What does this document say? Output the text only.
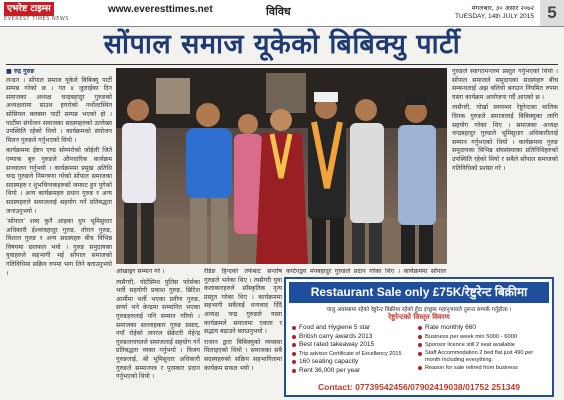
एभरेष्ट टाइम्स
EVEREST TIMES NEWS
www.everesttimes.net	विविध	मंगलबार, ३० असार २०७२
TUESDAY, 14th JULY 2015 5
सोंपाल समाज यूकेको बिबिक्यु पार्टी
■ रुद्र गुरुङ

लन्डन । सोंपाल समाज यूकेले बिबिक्यु पार्टी सम्पन्न गरेको छ । गत ४ जुलाईका दिन समाजका अध्यक्ष चन्द्रबहादुर गुरुङको अध्यक्षतामा साउथ हयरोको नर्थोल्टस्थित सोसियल क्लबमा पार्टी सम्पन्न भएको हो । पार्टीमा संयोजन समाजका सदस्यहरुको उल्लेख्य उपस्थिति रहेको थियो । कार्यक्रमको संयोजन मिलन गुरुङले गर्नुभएको थियो ।

कार्यक्रममा ईष्टन एण्ड सोम्परोको जोईली जिते एम्याक बुरु गुरुङले औपचारिक कार्यक्रम सञ्चालन गर्नुभयो । कार्यक्रममा प्रमुख अतिथि चन्द्र गुरुङले निमन्त्रणा गरेको सोंपाल समाजका सदस्यहरु र शुभचिन्तकहरुको जमघट हुन पुगेको थियो । अन्य कार्यक्रमहरु प्रधान गुरुङ र अन्य सदस्यहरुले समाजलाई सहयोग गर्ने प्रतिबद्धता जनाउनुभयो ।

‘सोंपाल’ शब्द कुनै आइका धुप भूमिसुधार अधिकारी ईश्वरबहादुर गुरुङ, तोरान गुरुङ, विशाल गुरुङ र अन्य सदस्यहरु बीच विभिन्न विषयमा छलफल भयो । गुरुङ समुदायका युवाहरुले सहभागी भई सोंपाल समाजको गतिविधिमा सक्रिय रुपमा भाग लिने बताउनुभयो ।	ओखाङ्गर सम्मान गरे ।

त्यसैगरी, पोर्टस्मिथ पुलिस फोर्सका भर्ती सहयोगी प्रकाश गुरुङ, ब्रिटिश आर्मीमा भर्ती भएका प्रवीण गुरुङ, सर्प्या भने केन्द्रमा सम्मानित भएका गुरुङहरुलाई पनि सम्मान गरियो । समाजका सल्लाहकार गुरुङ प्रसाद, नयाँ रोईको जनरल सेक्रेटरी मेहेन्द्र गुरुङलगायतले समाजलाई सहयोग गर्ने प्रतिबद्धता व्यक्त गर्नुभयो । विजय गुरुङलाई, श्री भूमिसुधार अधिकारी गुरुङले सम्मानपत्र र पुरस्कार प्रदान गर्नुभएको थियो ।

रेडिङ हिन्दको तर्फबाट सन्तोष गुरुङले भनेका थिए । त्यसैगरी युवा कलाकारहरुले साँस्कृतिक नृत्य प्रस्तुत गरेका थिए । कार्यक्रममा सहभागी सबैलाई धन्यवाद दिँदै अध्यक्ष चन्द्र गुरुङले यस्ता कार्यक्रमले समाजमा एकता र सद्भाव बढाउने बताउनुभयो ।

राजान द्वारा बिबिक्युको व्यवस्था मिलाइएको थियो । समाजका सबै सदस्यहरुको सक्रिय सहभागितामा कार्यक्रम सफल भयो ।

कप्टेनद्वय मनबहादुर गुरुङले प्रदान गरेका थिए । कार्यक्रममा सोंपाल

गुरुङले स्वागतमन्तव्य प्रस्तुत गर्नुभएको थियो । सोंपाल समाजले समुदायका सदस्यहरु बीच सम्बन्धलाई अझ बलियो बनाउन नियमित रुपमा यस्ता कार्यक्रम आयोजना गर्दै आएको छ ।

त्यसैगरी, गोर्खा स्वयम्भर रेष्टुरेन्टका मालिक दिपक गुरुङले समाजलाई बिबिक्युका लागि सहयोग गरेका थिए । समाजका अध्यक्ष चन्द्रबहादुर गुरुङले भूमिसुधार अधिकारीलाई सम्मान गर्नुभएको थियो । कार्यक्रममा गुरुङ समुदायका विभिन्न संघसंस्थाका प्रतिनिधिहरुको उपस्थिति रहेको थियो र सबैले सोंपाल समाजको गतिविधिको प्रशंसा गरे ।

Restaurant Sale only £75K/रेष्टुरेन्ट बिक्रीमा
चालु अवस्थामा रहेको रेष्टुरेन्ट बिक्रीमा रहेको हुँदा इच्छुक महानुभावले तुरुन्त सम्पर्क गर्नुहोला ।
रेष्टुरेन्टको विस्तृत विवरण
Food and Hygiene 5 star
British carry awards 2013
Best rated takeaway 2015
Trip advisor Certificate of Excellency 2015
160 seating capacity
Rent 36,000 per year
Rate monthly 660
Business per week min 5000 - 6000
Sponsor licence still 2 seat available
Staff Accommodation 2 bed flat just 490 per month including everything.
Reason for sale retired from business
Contact: 07739542456/07902419038/01752 251349
